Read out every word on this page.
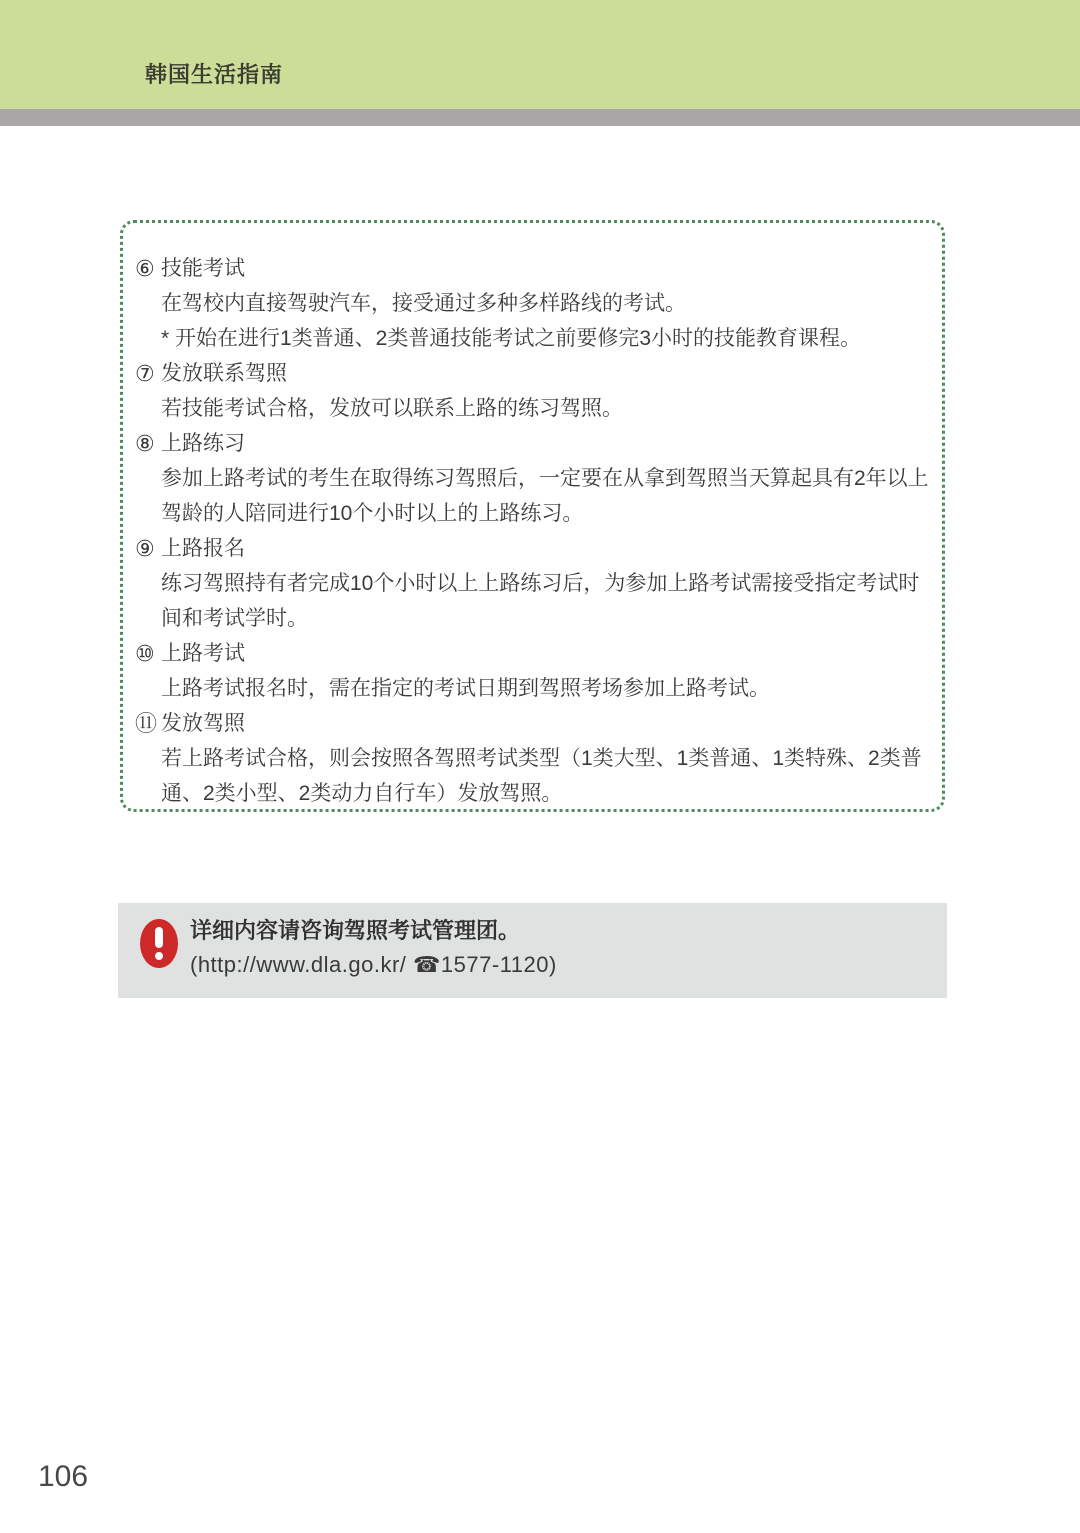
韩国生活指南
⑥ 技能考试

在驾校内直接驾驶汽车，接受通过多种多样路线的考试。

* 开始在进行1类普通、2类普通技能考试之前要修完3小时的技能教育课程。

⑦ 发放联系驾照

若技能考试合格，发放可以联系上路的练习驾照。

⑧ 上路练习

参加上路考试的考生在取得练习驾照后，一定要在从拿到驾照当天算起具有2年以上驾龄的人陪同进行10个小时以上的上路练习。

⑨ 上路报名

练习驾照持有者完成10个小时以上上路练习后，为参加上路考试需接受指定考试时间和考试学时。

⑩ 上路考试

上路考试报名时，需在指定的考试日期到驾照考场参加上路考试。

⑪ 发放驾照

若上路考试合格，则会按照各驾照考试类型（1类大型、1类普通、1类特殊、2类普通、2类小型、2类动力自行车）发放驾照。

详细内容请咨询驾照考试管理团。

(http://www.dla.go.kr/ ☎1577-1120)

106
